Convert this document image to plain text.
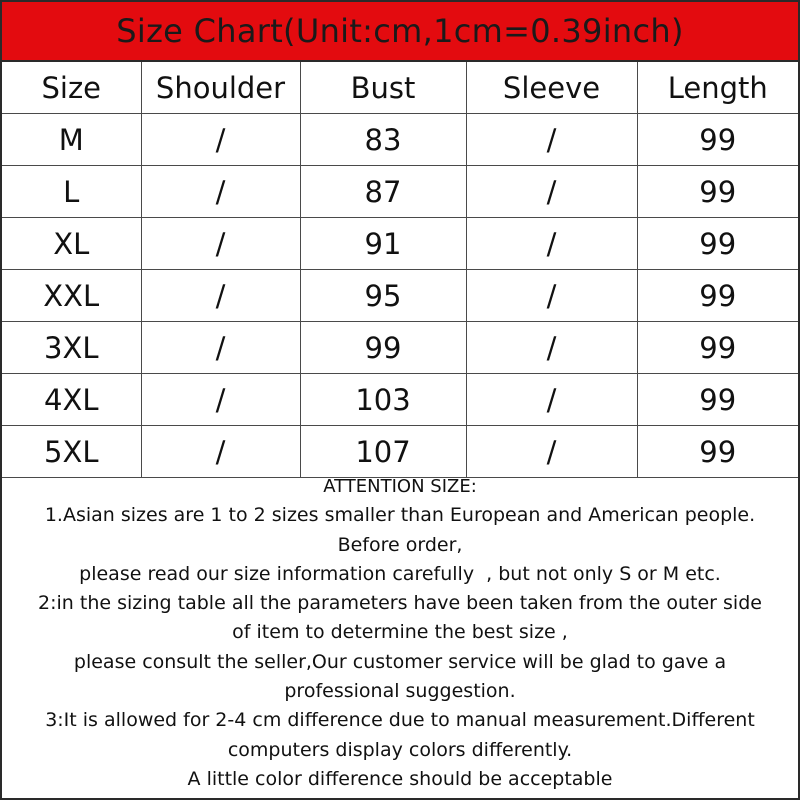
Size Chart(Unit:cm,1cm=0.39inch)
Size	Shoulder	Bust	Sleeve	Length
M	/	83	/	99
L	/	87	/	99
XL	/	91	/	99
XXL	/	95	/	99
3XL	/	99	/	99
4XL	/	103	/	99
5XL	/	107	/	99
ATTENTION SIZE:
1.Asian sizes are 1 to 2 sizes smaller than European and American people.
Before order,
please read our size information carefully  , but not only S or M etc.
2:in the sizing table all the parameters have been taken from the outer side
of item to determine the best size ,
please consult the seller,Our customer service will be glad to gave a
professional suggestion.
3:It is allowed for 2-4 cm difference due to manual measurement.Different
computers display colors differently.
A little color difference should be acceptable
